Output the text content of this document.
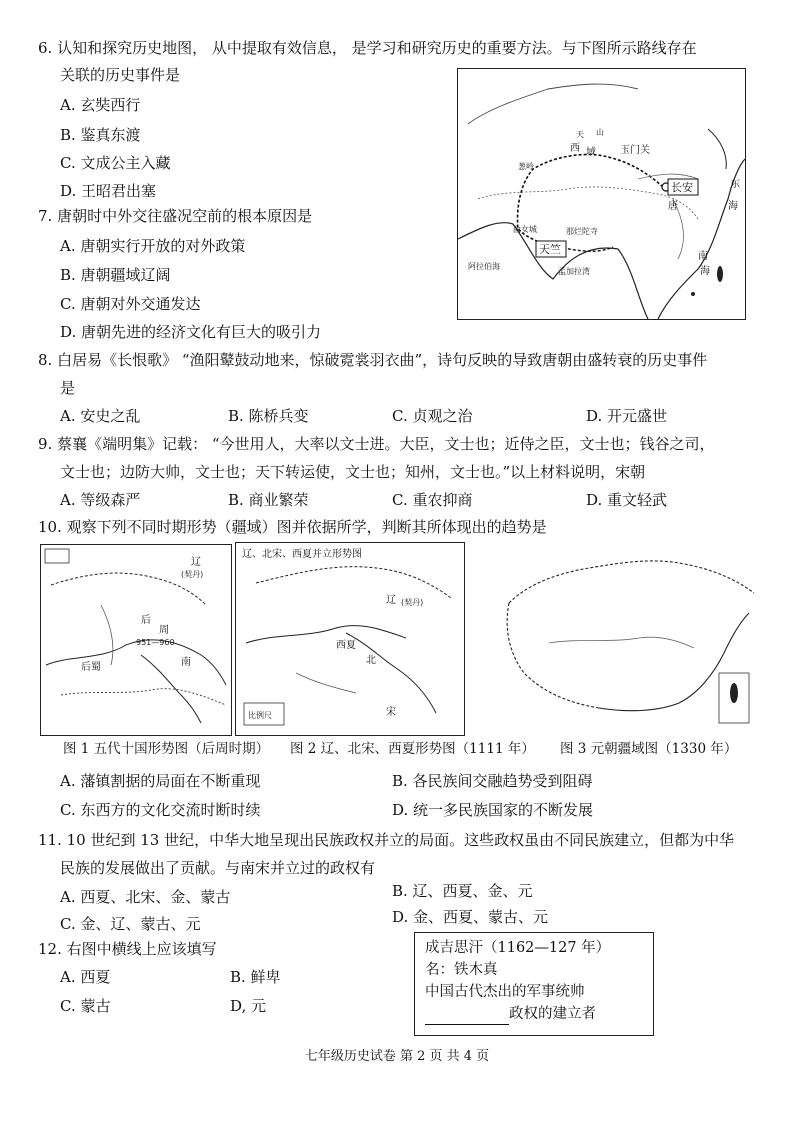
6. 认知和探究历史地图， 从中提取有效信息， 是学习和研究历史的重要方法。与下图所示路线存在
关联的历史事件是
A. 玄奘西行
B. 鉴真东渡
C. 文成公主入藏
D. 王昭君出塞	长安
天竺
玉门关
西 域
天 山
葱岭
唐
东
海
南
海
阿拉伯海
孟加拉湾
曲女城	那烂陀寺
7. 唐朝时中外交往盛况空前的根本原因是
A. 唐朝实行开放的对外政策
B. 唐朝疆域辽阔
C. 唐朝对外交通发达
D. 唐朝先进的经济文化有巨大的吸引力
8. 白居易《长恨歌》 “渔阳鼙鼓动地来，惊破霓裳羽衣曲”，诗句反映的导致唐朝由盛转衰的历史事件
是
A. 安史之乱	B. 陈桥兵变	C. 贞观之治	D. 开元盛世
9. 蔡襄《端明集》记载： “今世用人，大率以文士进。大臣，文士也；近侍之臣，文士也；钱谷之司，
文士也；边防大帅，文士也；天下转运使，文士也；知州，文士也。”以上材料说明，宋朝
A. 等级森严	B. 商业繁荣	C. 重农抑商	D. 重文轻武
10. 观察下列不同时期形势（疆域）图并依据所学，判断其所体现出的趋势是
辽
(契丹)
后
周
951—960
南
后蜀
辽、北宋、西夏并立形势图
辽 (契丹)
西夏
北
宋
比例尺
图 1 五代十国形势图（后周时期） 图 2 辽、北宋、西夏形势图（1111 年） 图 3 元朝疆域图（1330 年）
A. 藩镇割据的局面在不断重现	B. 各民族间交融趋势受到阻碍
C. 东西方的文化交流时断时续	D. 统一多民族国家的不断发展
11. 10 世纪到 13 世纪，中华大地呈现出民族政权并立的局面。这些政权虽由不同民族建立，但都为中华
民族的发展做出了贡献。与南宋并立过的政权有
A. 西夏、北宋、金、蒙古	B. 辽、西夏、金、元
C. 金、辽、蒙古、元	D. 金、西夏、蒙古、元
12. 右图中横线上应该填写
A. 西夏	B. 鲜卑
C. 蒙古	D, 元
成吉思汗（1162—127 年）
名：铁木真
中国古代杰出的军事统帅
政权的建立者
七年级历史试卷 第 2 页 共 4 页
